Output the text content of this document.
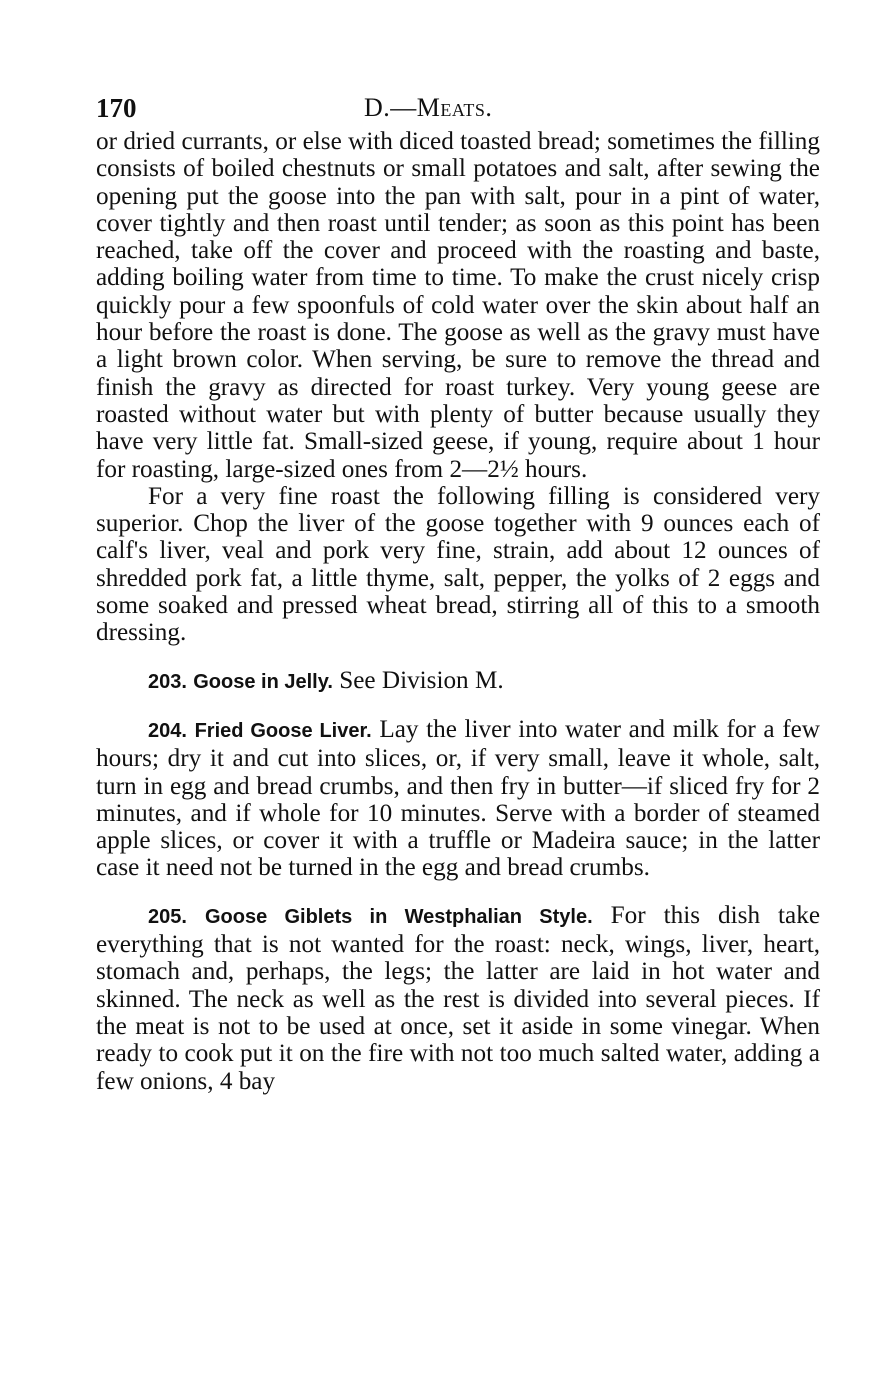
170	D.—Meats.

or dried currants, or else with diced toasted bread; sometimes the filling consists of boiled chestnuts or small potatoes and salt, after sewing the opening put the goose into the pan with salt, pour in a pint of water, cover tightly and then roast until tender; as soon as this point has been reached, take off the cover and proceed with the roasting and baste, adding boiling water from time to time. To make the crust nicely crisp quickly pour a few spoonfuls of cold water over the skin about half an hour before the roast is done. The goose as well as the gravy must have a light brown color. When serving, be sure to remove the thread and finish the gravy as directed for roast turkey. Very young geese are roasted without water but with plenty of butter because usually they have very little fat. Small-sized geese, if young, require about 1 hour for roasting, large-sized ones from 2—2½ hours.

For a very fine roast the following filling is considered very superior. Chop the liver of the goose together with 9 ounces each of calf's liver, veal and pork very fine, strain, add about 12 ounces of shredded pork fat, a little thyme, salt, pepper, the yolks of 2 eggs and some soaked and pressed wheat bread, stirring all of this to a smooth dressing.

203. Goose in Jelly. See Division M.

204. Fried Goose Liver. Lay the liver into water and milk for a few hours; dry it and cut into slices, or, if very small, leave it whole, salt, turn in egg and bread crumbs, and then fry in butter—if sliced fry for 2 minutes, and if whole for 10 minutes. Serve with a border of steamed apple slices, or cover it with a truffle or Madeira sauce; in the latter case it need not be turned in the egg and bread crumbs.

205. Goose Giblets in Westphalian Style. For this dish take everything that is not wanted for the roast: neck, wings, liver, heart, stomach and, perhaps, the legs; the latter are laid in hot water and skinned. The neck as well as the rest is divided into several pieces. If the meat is not to be used at once, set it aside in some vinegar. When ready to cook put it on the fire with not too much salted water, adding a few onions, 4 bay
